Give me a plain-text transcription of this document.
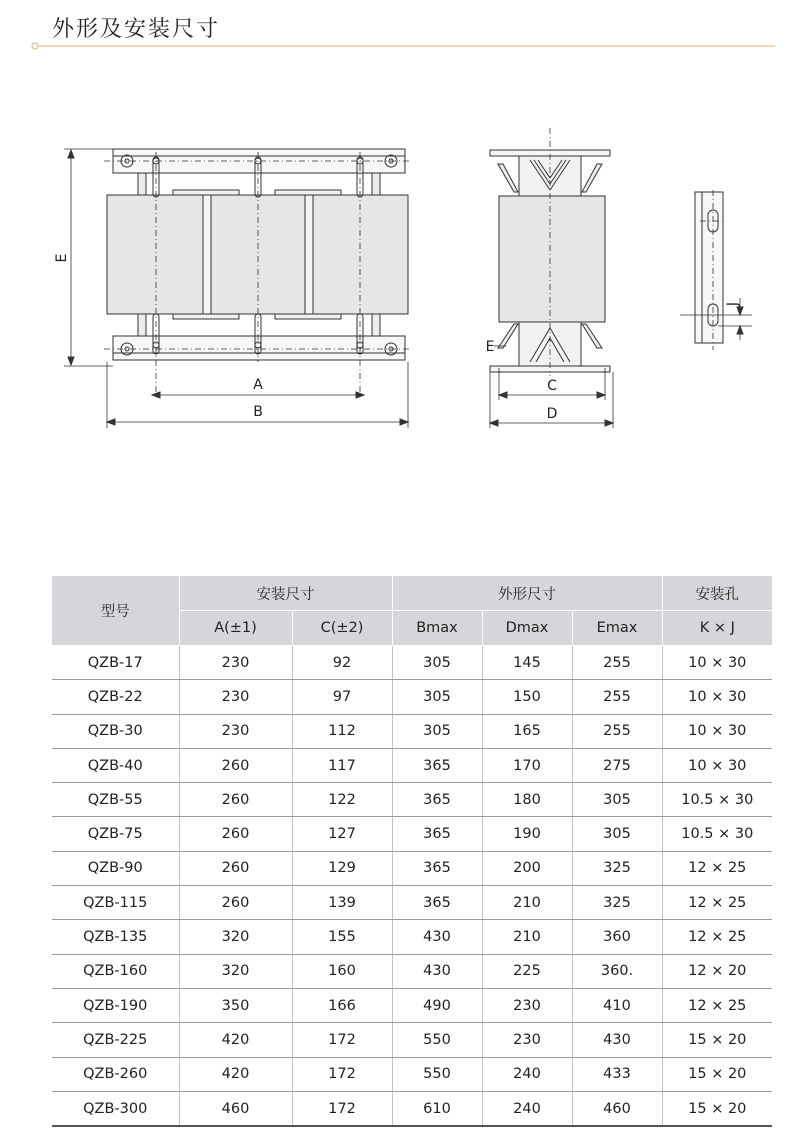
外形及安装尺寸
E
A
B
E
C
D
J
型号	安装尺寸		外形尺寸			安装孔
	A(±1)	C(±2)	Bmax	Dmax	Emax	K × J
QZB-17	230	92	305	145	255	10 × 30
QZB-22	230	97	305	150	255	10 × 30
QZB-30	230	112	305	165	255	10 × 30
QZB-40	260	117	365	170	275	10 × 30
QZB-55	260	122	365	180	305	10.5 × 30
QZB-75	260	127	365	190	305	10.5 × 30
QZB-90	260	129	365	200	325	12 × 25
QZB-115	260	139	365	210	325	12 × 25
QZB-135	320	155	430	210	360	12 × 25
QZB-160	320	160	430	225	360.	12 × 20
QZB-190	350	166	490	230	410	12 × 25
QZB-225	420	172	550	230	430	15 × 20
QZB-260	420	172	550	240	433	15 × 20
QZB-300	460	172	610	240	460	15 × 20
